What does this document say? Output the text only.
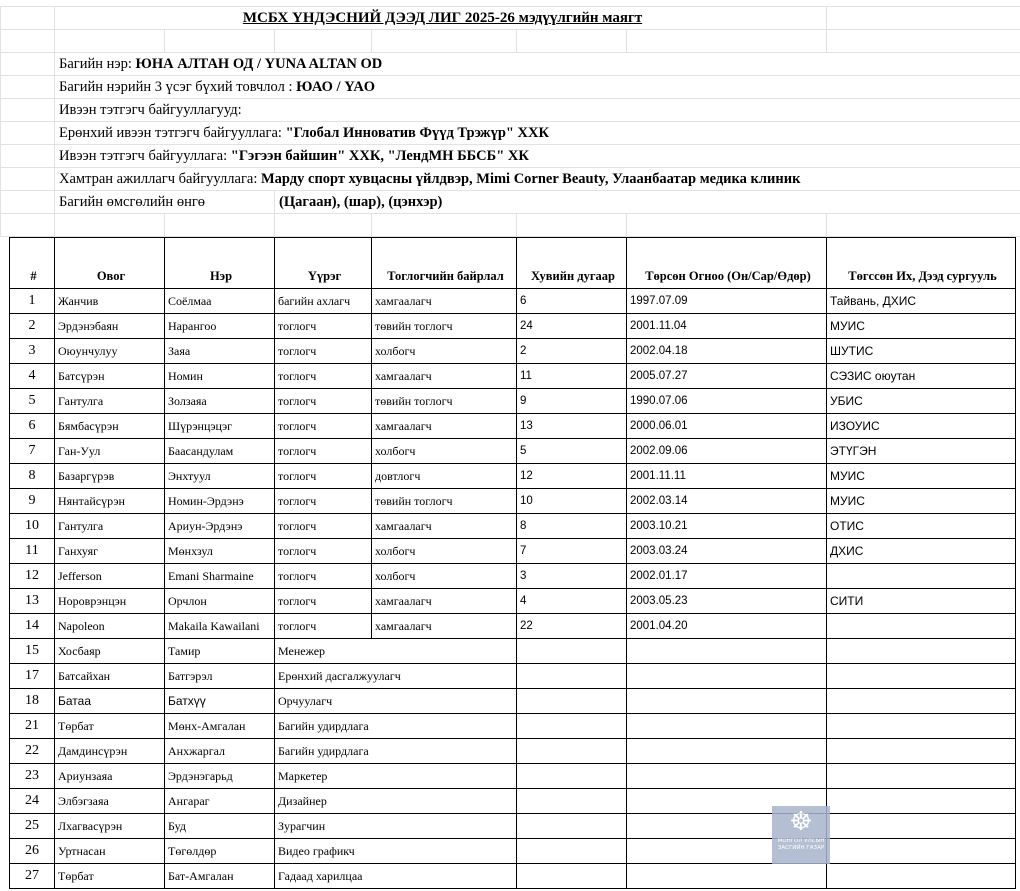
	МСБХ ҮНДЭСНИЙ ДЭЭД ЛИГ 2025-26 мэдүүлгийн маягт						

	Багийн нэр: ЮНА АЛТАН ОД / YUNA ALTAN OD						
	Багийн нэрийн 3 үсэг бүхий товчлол : ЮАО / YAO						
	Ивээн тэтгэгч байгууллагууд:						
	Ерөнхий ивээн тэтгэгч байгууллага: "Глобал Инноватив Фүүд Трэжүр" ХХК						
	Ивээн тэтгэгч байгууллага: "Гэгээн байшин" ХХК, "ЛендМН ББСБ" ХК						
	Хамтран ажиллагч байгууллага: Марду спорт хувцасны үйлдвэр, Mimi Corner Beauty, Улаанбаатар медика клиник						
	Багийн өмсгөлийн өнгө		(Цагаан), (шар), (цэнхэр)				

#	Овог	Нэр	Үүрэг	Тоглогчийн байрлал	Хувийн дугаар	Төрсөн Огноо (Он/Сар/Өдөр)	Төгссөн Их, Дээд сургууль
1	Жанчив	Соёлмаа	багийн ахлагч	хамгаалагч	6	1997.07.09	Тайвань, ДХИС
2	Эрдэнэбаян	Нарангоо	тоглогч	төвийн тоглогч	24	2001.11.04	МУИС
3	Оюунчулуу	Заяа	тоглогч	холбогч	2	2002.04.18	ШУТИС
4	Батсүрэн	Номин	тоглогч	хамгаалагч	11	2005.07.27	СЭЗИС оюутан
5	Гантулга	Золзаяа	тоглогч	төвийн тоглогч	9	1990.07.06	УБИС
6	Бямбасүрэн	Шүрэнцэцэг	тоглогч	хамгаалагч	13	2000.06.01	ИЗОУИС
7	Ган-Уул	Баасандулам	тоглогч	холбогч	5	2002.09.06	ЭТҮГЭН
8	Базаргүрэв	Энхтуул	тоглогч	довтлогч	12	2001.11.11	МУИС
9	Нянтайсүрэн	Номин-Эрдэнэ	тоглогч	төвийн тоглогч	10	2002.03.14	МУИС
10	Гантулга	Ариун-Эрдэнэ	тоглогч	хамгаалагч	8	2003.10.21	ОТИС
11	Ганхуяг	Мөнхзул	тоглогч	холбогч	7	2003.03.24	ДХИС
12	Jefferson	Emani Sharmaine	тоглогч	холбогч	3	2002.01.17	
13	Нороврэнцэн	Орчлон	тоглогч	хамгаалагч	4	2003.05.23	СИТИ
14	Napoleon	Makaila Kawailani	тоглогч	хамгаалагч	22	2001.04.20	
15	Хосбаяр	Тамир	Менежер				
17	Батсайхан	Батгэрэл	Ерөнхий дасгалжуулагч				
18	Батаа	Батхүү	Орчуулагч				
21	Төрбат	Мөнх-Амгалан	Багийн удирдлага				
22	Дамдинсүрэн	Анхжаргал	Багийн удирдлага				
23	Ариунзаяа	Эрдэнэгарьд	Маркетер				
24	Элбэгзаяа	Ангараг	Дизайнер				
25	Лхагвасүрэн	Буд	Зурагчин				
26	Уртнасан	Төгөлдөр	Видео графикч				
27	Төрбат	Бат-Амгалан	Гадаад харилцаа				
☸
МОНГОЛ УЛСЫН ЗАСГИЙН ГАЗАР
